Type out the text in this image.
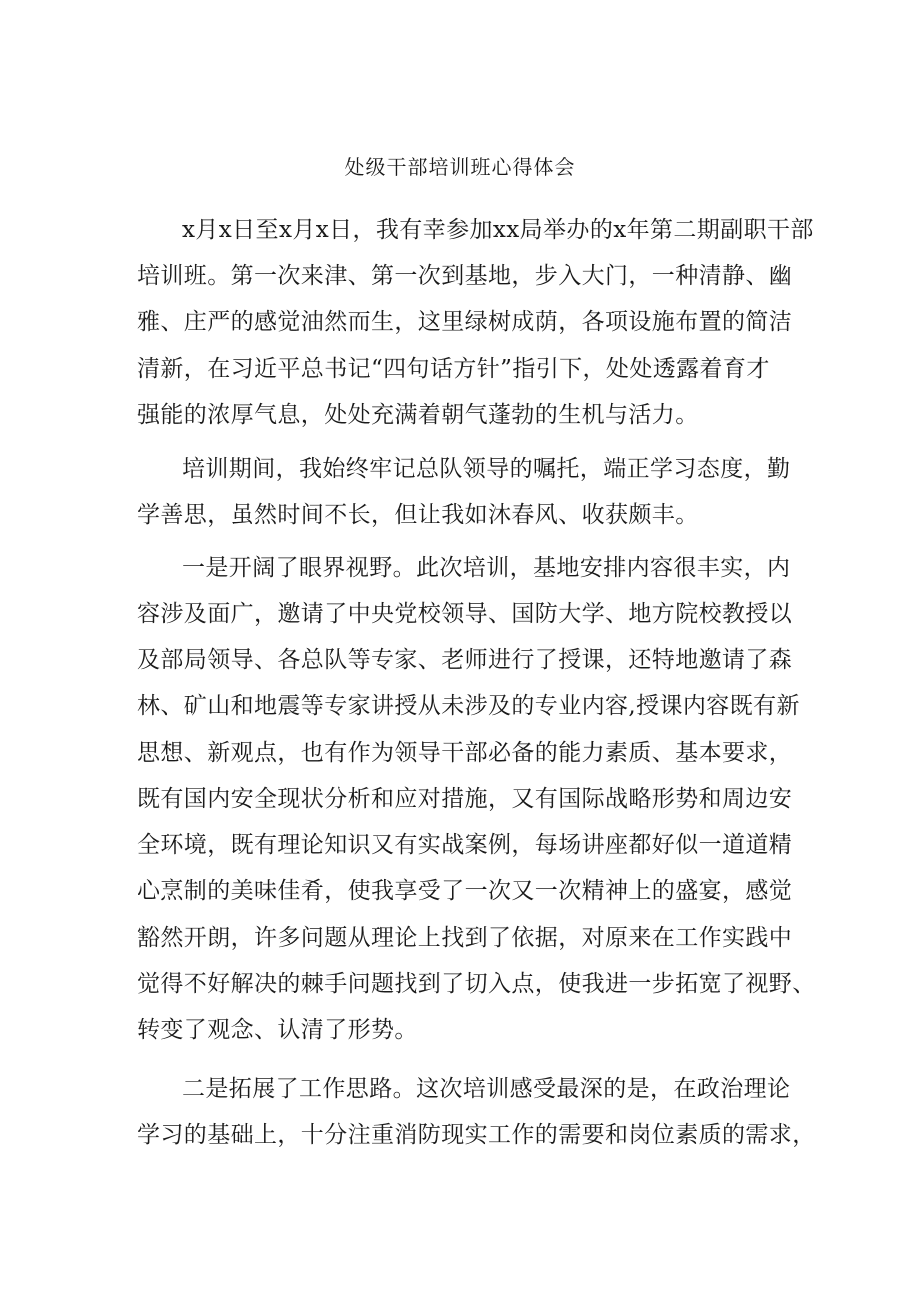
处级干部培训班心得体会

x月x日至x月x日，我有幸参加xx局举办的x年第二期副职干部

培训班。第一次来津、第一次到基地，步入大门，一种清静、幽

雅、庄严的感觉油然而生，这里绿树成荫，各项设施布置的简洁

清新，在习近平总书记“四句话方针”指引下，处处透露着育才

强能的浓厚气息，处处充满着朝气蓬勃的生机与活力。

培训期间，我始终牢记总队领导的嘱托，端正学习态度，勤

学善思，虽然时间不长，但让我如沐春风、收获颇丰。

一是开阔了眼界视野。此次培训，基地安排内容很丰实，内

容涉及面广，邀请了中央党校领导、国防大学、地方院校教授以

及部局领导、各总队等专家、老师进行了授课，还特地邀请了森

林、矿山和地震等专家讲授从未涉及的专业内容,授课内容既有新

思想、新观点，也有作为领导干部必备的能力素质、基本要求，

既有国内安全现状分析和应对措施，又有国际战略形势和周边安

全环境，既有理论知识又有实战案例，每场讲座都好似一道道精

心烹制的美味佳肴，使我享受了一次又一次精神上的盛宴，感觉

豁然开朗，许多问题从理论上找到了依据，对原来在工作实践中

觉得不好解决的棘手问题找到了切入点，使我进一步拓宽了视野、

转变了观念、认清了形势。

二是拓展了工作思路。这次培训感受最深的是，在政治理论

学习的基础上，十分注重消防现实工作的需要和岗位素质的需求，
